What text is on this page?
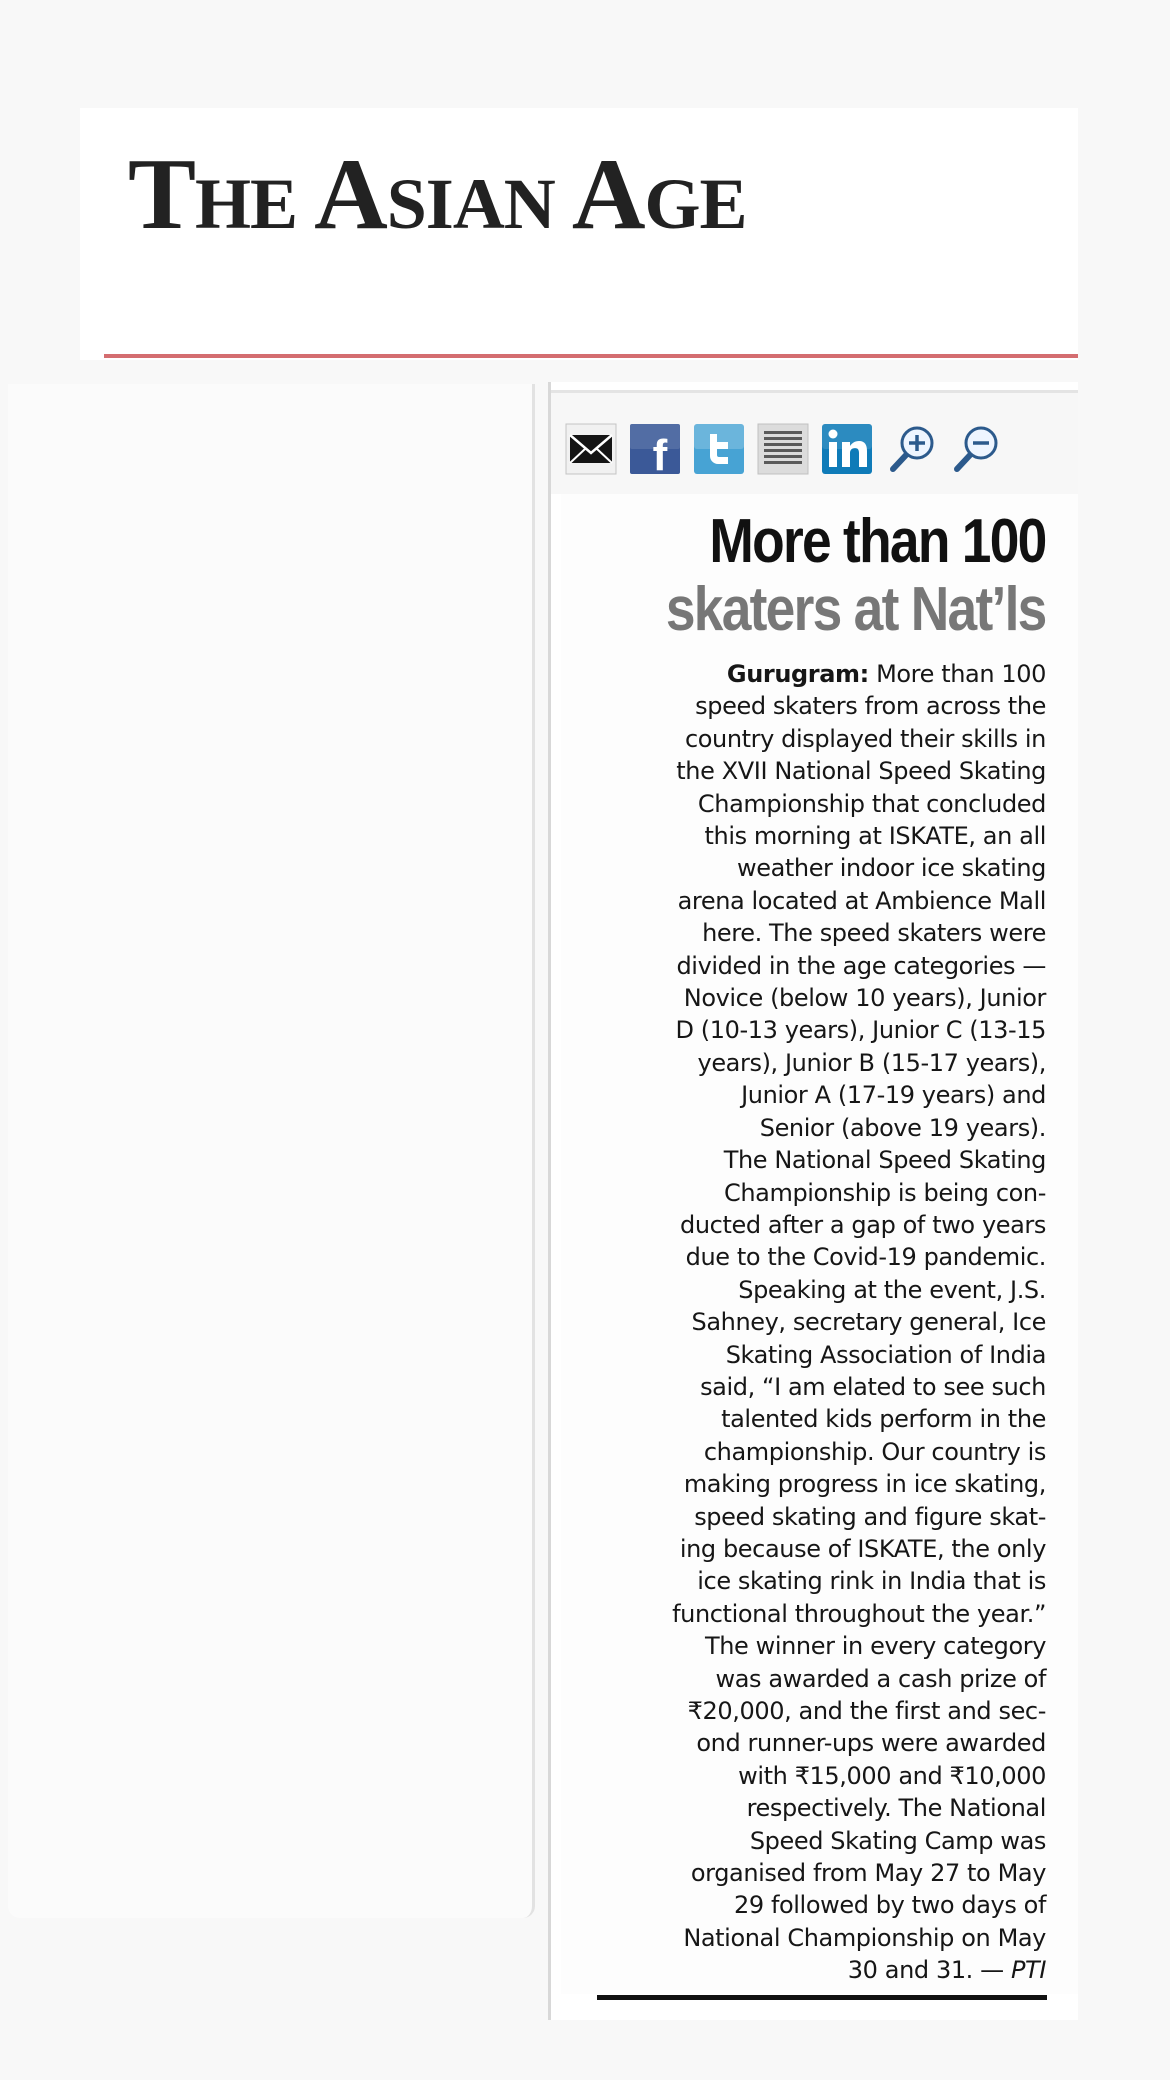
THE ASIAN AGE
f
More than 100
skaters at Nat’ls
Gurugram: More than 100
speed skaters from across the
country displayed their skills in
the XVII National Speed Skating
Championship that concluded
this morning at ISKATE, an all
weather indoor ice skating
arena located at Ambience Mall
here. The speed skaters were
divided in the age categories —
Novice (below 10 years), Junior
D (10-13 years), Junior C (13-15
years), Junior B (15-17 years),
Junior A (17-19 years) and
Senior (above 19 years).
The National Speed Skating
Championship is being con-
ducted after a gap of two years
due to the Covid-19 pandemic.
Speaking at the event, J.S.
Sahney, secretary general, Ice
Skating Association of India
said, “I am elated to see such
talented kids perform in the
championship. Our country is
making progress in ice skating,
speed skating and figure skat-
ing because of ISKATE, the only
ice skating rink in India that is
functional throughout the year.”
The winner in every category
was awarded a cash prize of
₹20,000, and the first and sec-
ond runner-ups were awarded
with ₹15,000 and ₹10,000
respectively. The National
Speed Skating Camp was
organised from May 27 to May
29 followed by two days of
National Championship on May
30 and 31. — PTI
